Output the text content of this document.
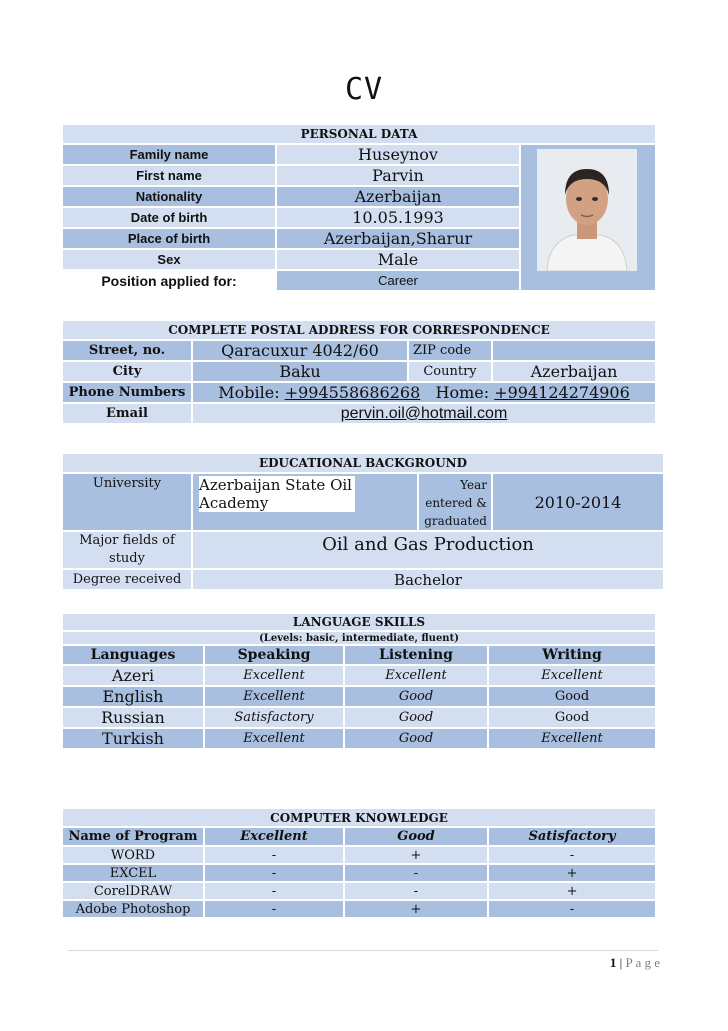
CV
PERSONAL DATA		
Family name	Huseynov	
First name	Parvin	
Nationality	Azerbaijan	
Date of birth	10.05.1993	
Place of birth	Azerbaijan,Sharur	
Sex	Male	
Position applied for:	Career	
COMPLETE POSTAL ADDRESS FOR CORRESPONDENCE			
Street, no.	Qaracuxur 4042/60	ZIP code	
City	Baku	Country	Azerbaijan
Phone Numbers	Mobile: +994558686268 Home: +994124274906		
Email	pervin.oil@hotmail.com		
EDUCATIONAL BACKGROUND			
University	Azerbaijan State Oil Academy	Year entered & graduated	2010-2014
Major fields of study	Oil and Gas Production		
Degree received	Bachelor		
LANGUAGE SKILLS			
(Levels: basic, intermediate, fluent)			
Languages	Speaking	Listening	Writing
Azeri	Excellent	Excellent	Excellent
English	Excellent	Good	Good
Russian	Satisfactory	Good	Good
Turkish	Excellent	Good	Excellent
COMPUTER KNOWLEDGE			
Name of Program	Excellent	Good	Satisfactory
WORD	-	+	-
EXCEL	-	-	+
CorelDRAW	-	-	+
Adobe Photoshop	-	+	-
1 | P a g e
